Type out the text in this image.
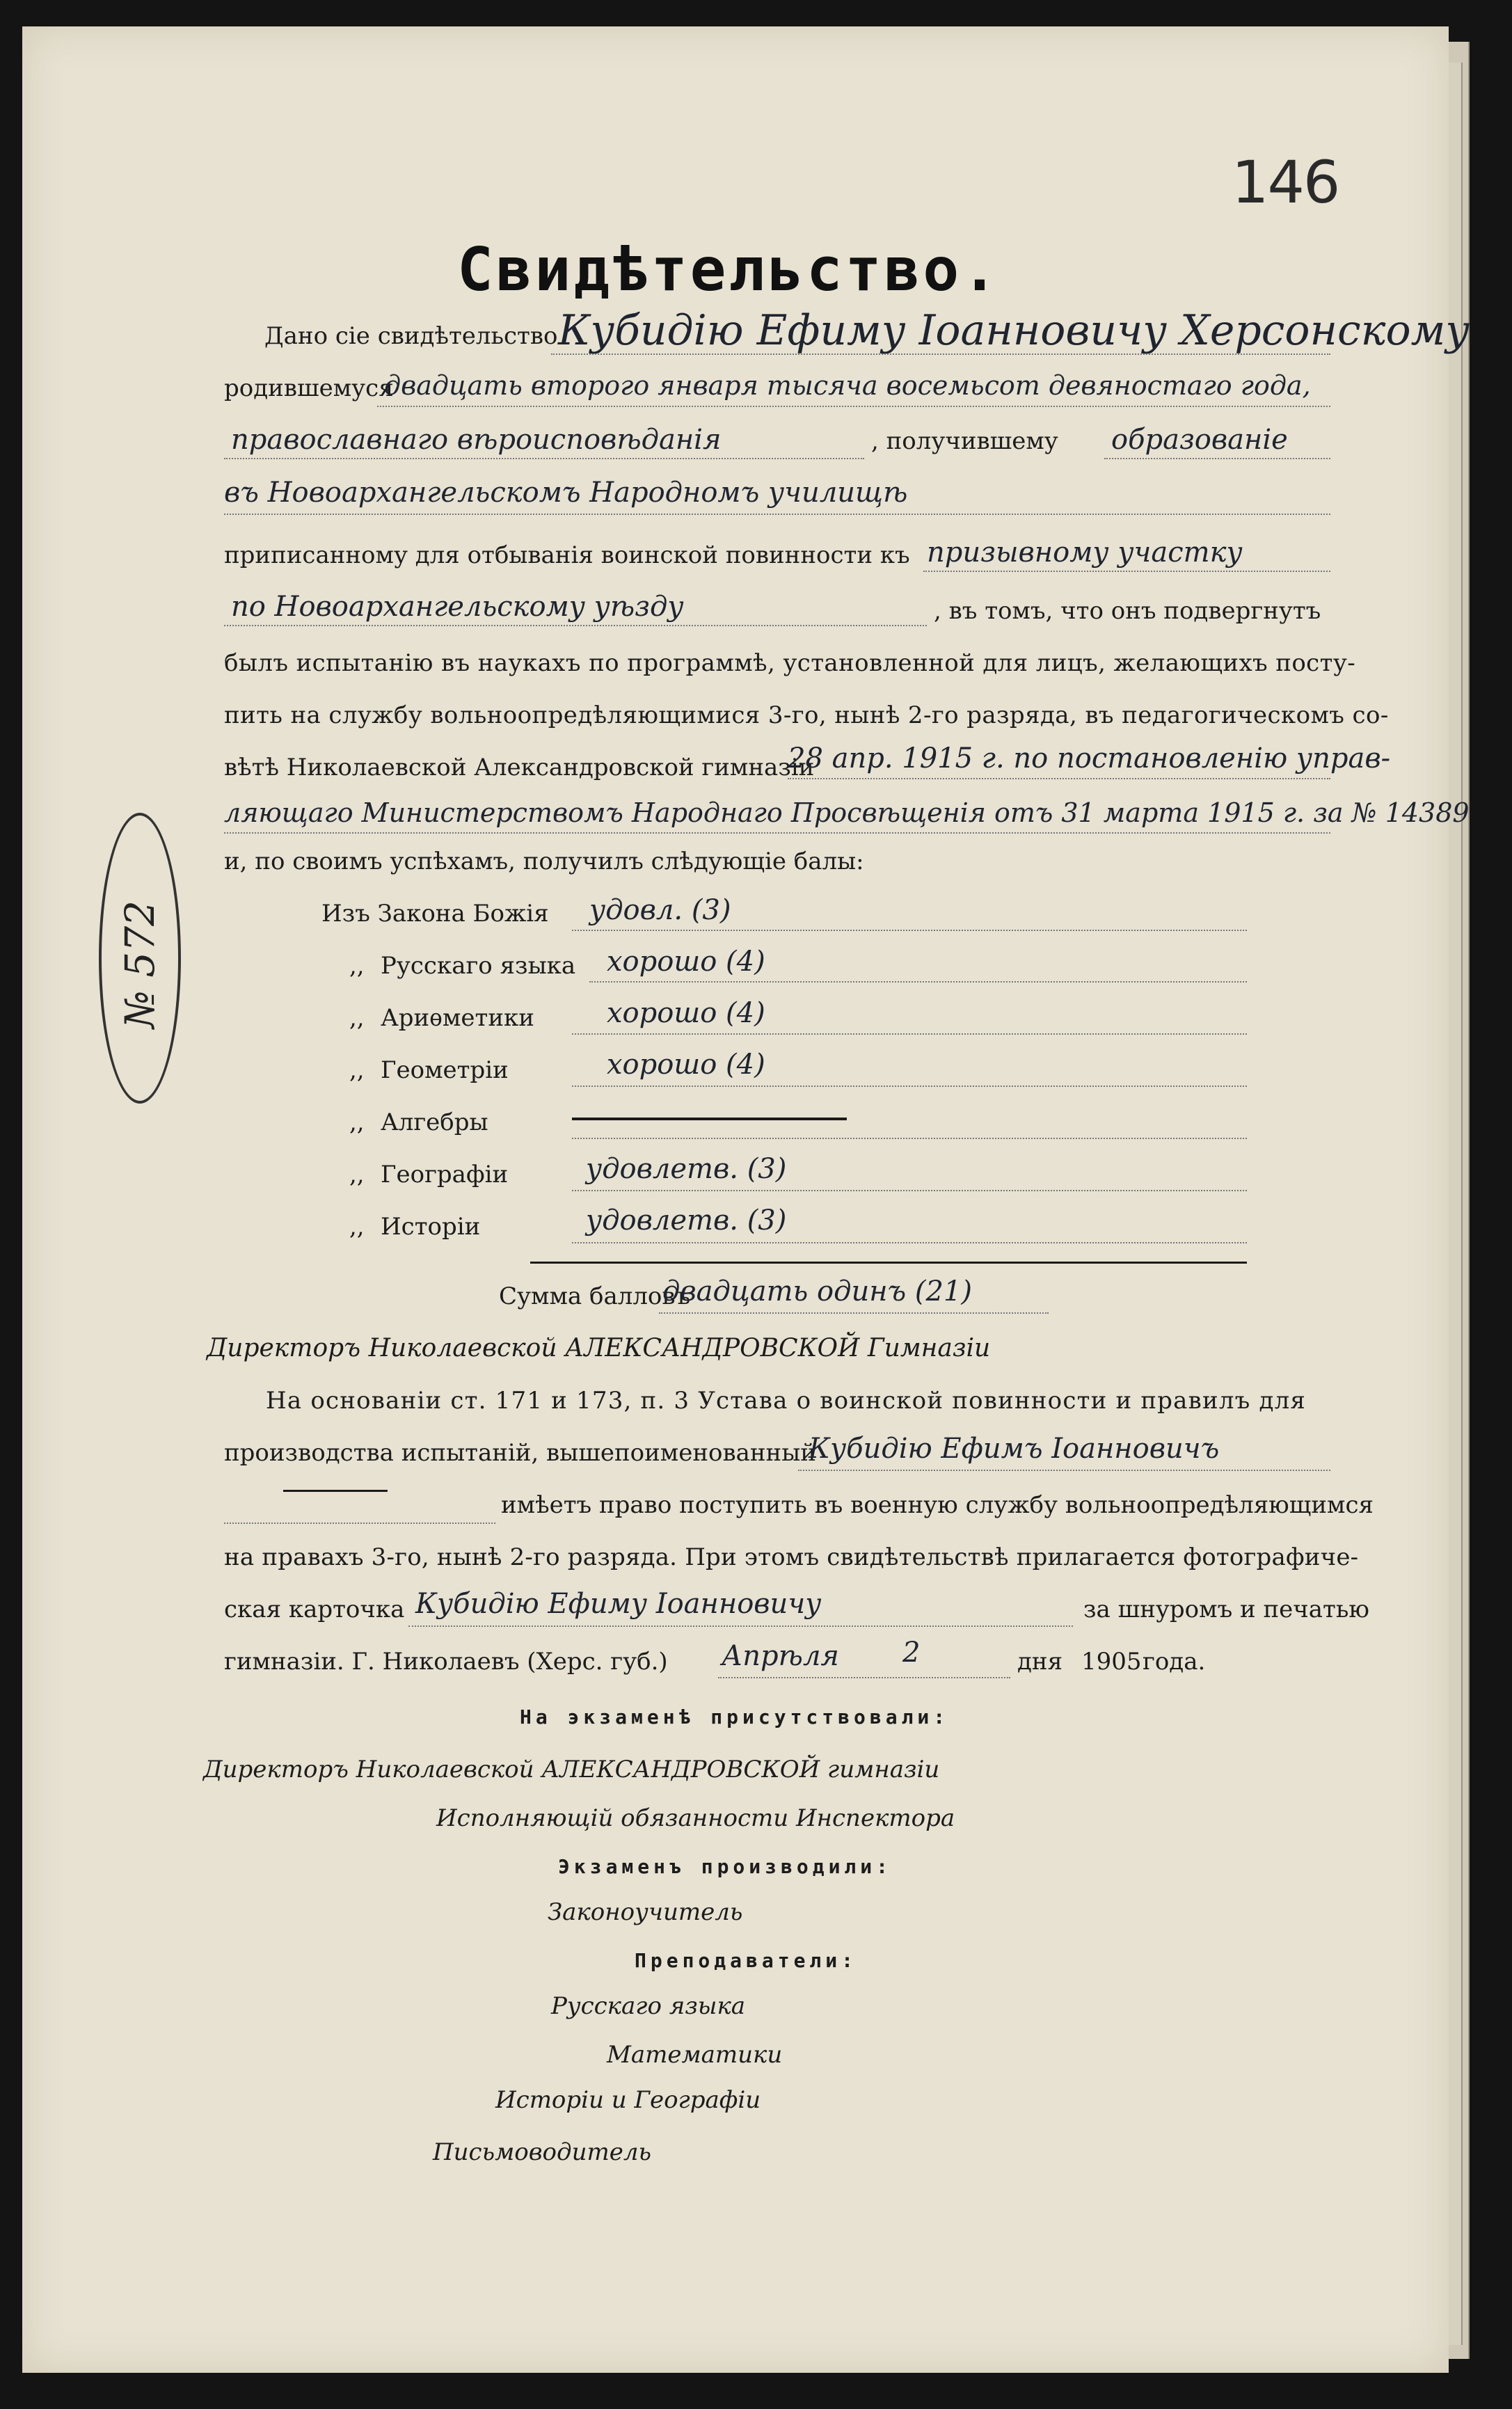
146
№ 572
Свидѣтельство.
Дано сіе свидѣтельство Кубидію Ефиму Іоанновичу Херсонскому
родившемуся
двадцать второго января тысяча восемьсот девяностаго года,
православнаго вѣроисповѣданія	, получившему образованіе
въ Новоархангельскомъ Народномъ училищѣ
приписанному для отбыванія воинской повинности къ призывному участку
по Новоархангельскому уѣзду	, въ томъ, что онъ подвергнутъ
былъ испытанію въ наукахъ по программѣ, установленной для лицъ, желающихъ посту-
пить на службу вольноопредѣляющимися 3-го, нынѣ 2-го разряда, въ педагогическомъ со-
вѣтѣ Николаевской Александровской гимназіи
28 апр. 1915 г. по постановленію управ-
ляющаго Министерствомъ Народнаго Просвѣщенія отъ 31 марта 1915 г. за № 14389
и, по своимъ успѣхамъ, получилъ слѣдующіе балы:
Изъ Закона Божія удовл. (3)
,, Русскаго языка хорошо (4)
,, Ариѳметики	хорошо (4)
,, Геометріи	хорошо (4)
,, Алгебры
,, Географіи	удовлетв. (3)
,, Исторіи	удовлетв. (3)
Сумма балловъ
двадцать одинъ (21)
Директоръ Николаевской АЛЕКСАНДРОВСКОЙ Гимназіи
На основаніи ст. 171 и 173, п. 3 Устава о воинской повинности и правилъ для
производства испытаній, вышепоименованный
Кубидію Ефимъ Іоанновичъ
имѣетъ право поступить въ военную службу вольноопредѣляющимся
на правахъ 3-го, нынѣ 2-го разряда. При этомъ свидѣтельствѣ прилагается фотографиче-
ская карточка Кубидію Ефиму Іоанновичу	за шнуромъ и печатью
гимназіи. Г. Николаевъ (Херс. губ.) Апрѣля 2	дня 1905 года.
На экзаменѣ присутствовали:
Директоръ Николаевской АЛЕКСАНДРОВСКОЙ гимназіи
Исполняющій обязанности Инспектора
Экзаменъ производили:
Законоучитель
Преподаватели:
Русскаго языка
Математики
Исторіи и Географіи
Письмоводитель
